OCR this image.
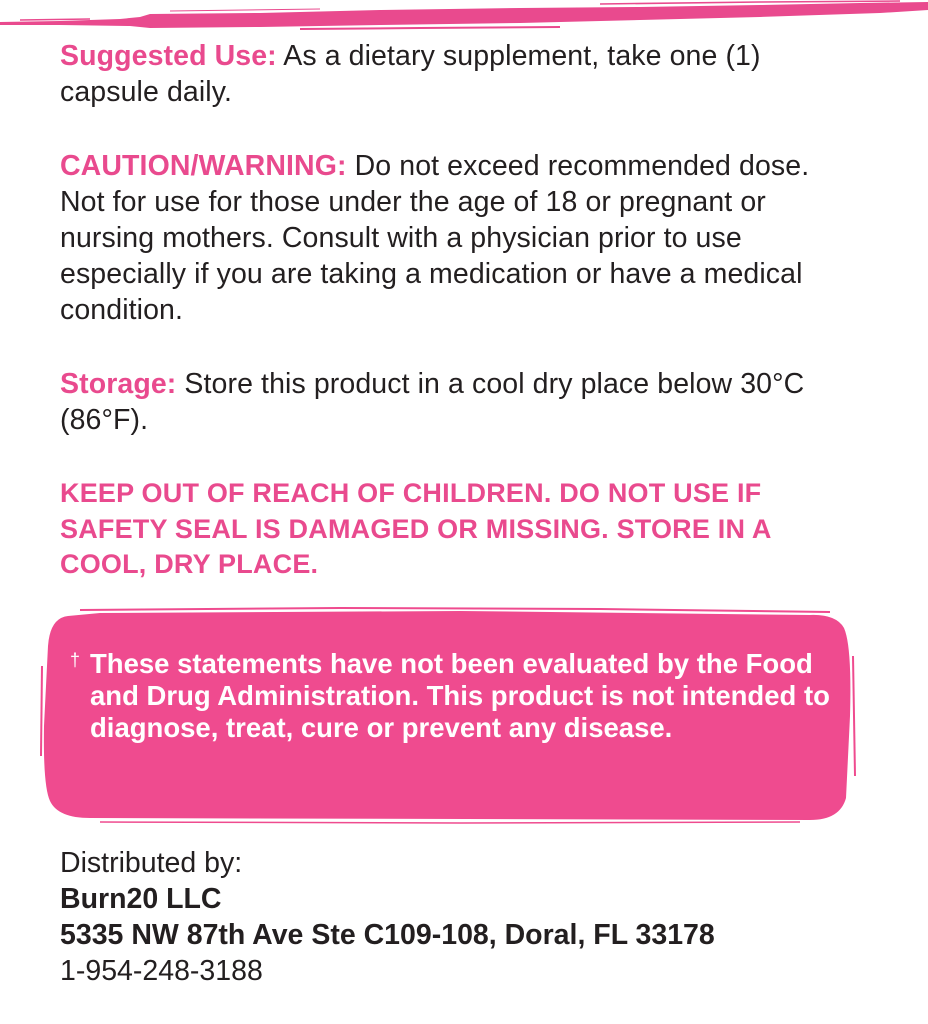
Suggested Use: As a dietary supplement, take one (1) capsule daily.

CAUTION/WARNING: Do not exceed recommended dose. Not for use for those under the age of 18 or pregnant or nursing mothers. Consult with a physician prior to use especially if you are taking a medication or have a medical condition.

Storage: Store this product in a cool dry place below 30°C (86°F).

KEEP OUT OF REACH OF CHILDREN. DO NOT USE IF SAFETY SEAL IS DAMAGED OR MISSING. STORE IN A COOL, DRY PLACE.

† These statements have not been evaluated by the Food and Drug Administration. This product is not intended to diagnose, treat, cure or prevent any disease.

Distributed by:

Burn20 LLC

5335 NW 87th Ave Ste C109-108, Doral, FL 33178

1-954-248-3188
